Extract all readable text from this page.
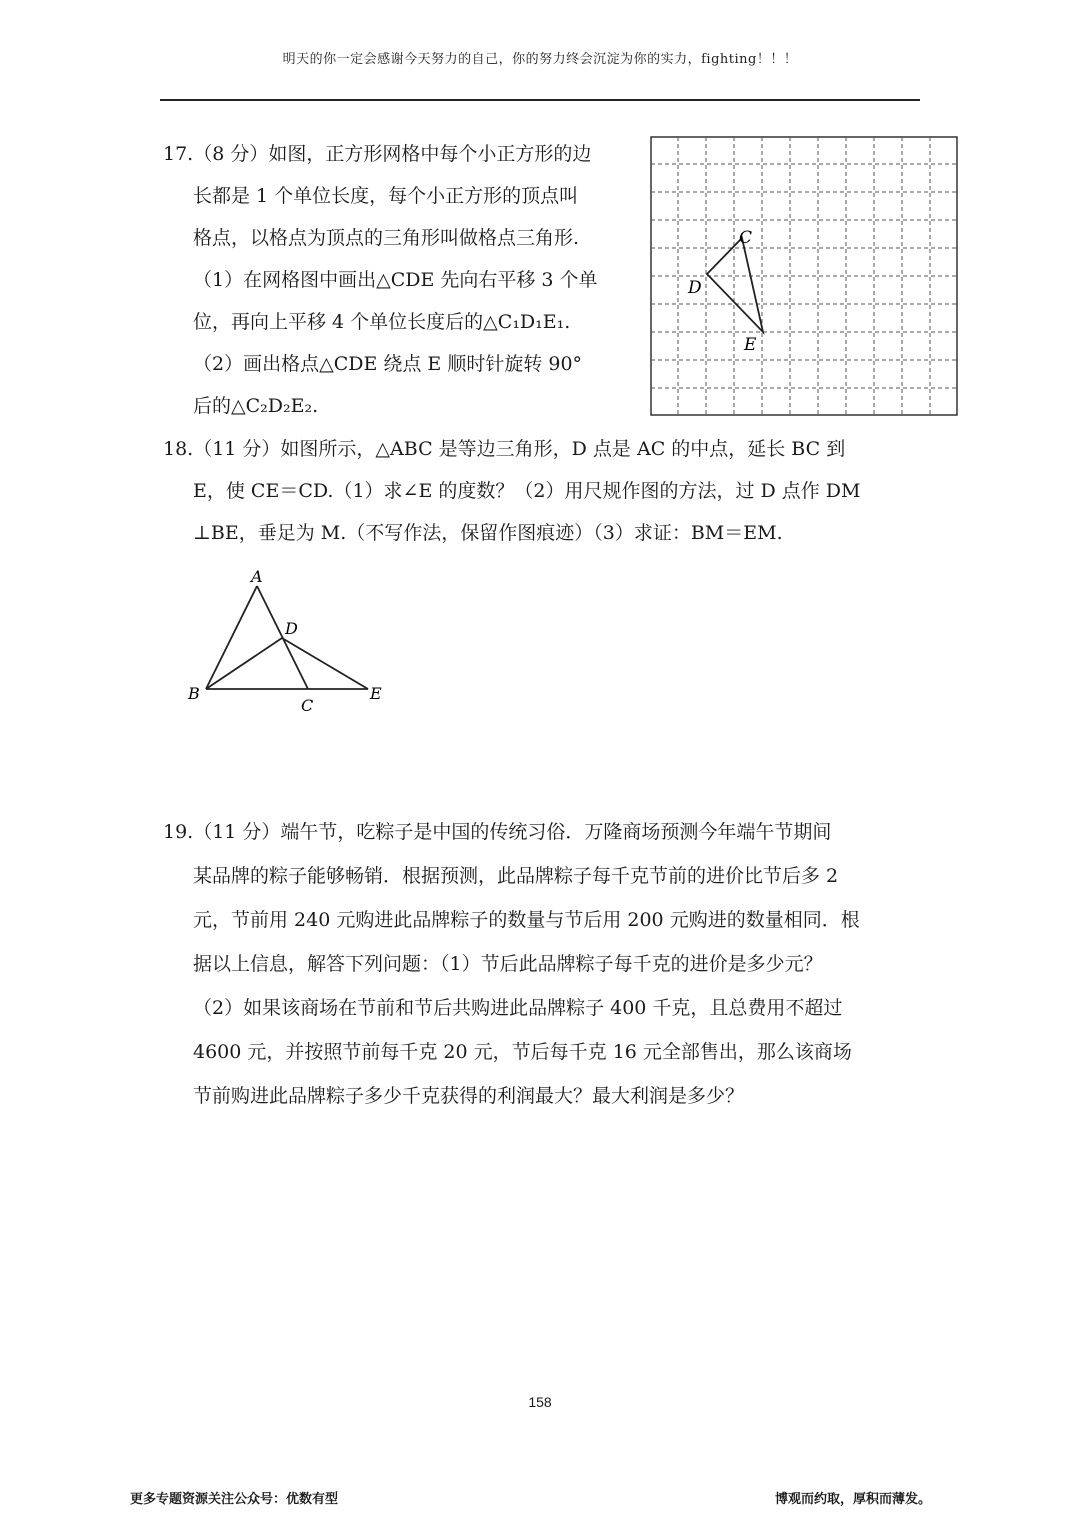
明天的你一定会感谢今天努力的自己，你的努力终会沉淀为你的实力，fighting！！！
17.（8 分）如图，正方形网格中每个小正方形的边
长都是 1 个单位长度，每个小正方形的顶点叫
格点，以格点为顶点的三角形叫做格点三角形.
（1）在网格图中画出△CDE 先向右平移 3 个单
位，再向上平移 4 个单位长度后的△C₁D₁E₁.
（2）画出格点△CDE 绕点 E 顺时针旋转 90°
后的△C₂D₂E₂.
C
D
E
18.（11 分）如图所示，△ABC 是等边三角形，D 点是 AC 的中点，延长 BC 到
E，使 CE＝CD.（1）求∠E 的度数？（2）用尺规作图的方法，过 D 点作 DM
⊥BE，垂足为 M.（不写作法，保留作图痕迹）（3）求证：BM＝EM.
A
B
C
D
E
19.（11 分）端午节，吃粽子是中国的传统习俗．万隆商场预测今年端午节期间
某品牌的粽子能够畅销．根据预测，此品牌粽子每千克节前的进价比节后多 2
元，节前用 240 元购进此品牌粽子的数量与节后用 200 元购进的数量相同．根
据以上信息，解答下列问题：（1）节后此品牌粽子每千克的进价是多少元？
（2）如果该商场在节前和节后共购进此品牌粽子 400 千克，且总费用不超过
4600 元，并按照节前每千克 20 元，节后每千克 16 元全部售出，那么该商场
节前购进此品牌粽子多少千克获得的利润最大？最大利润是多少？
158
更多专题资源关注公众号：优数有型	博观而约取，厚积而薄发。
